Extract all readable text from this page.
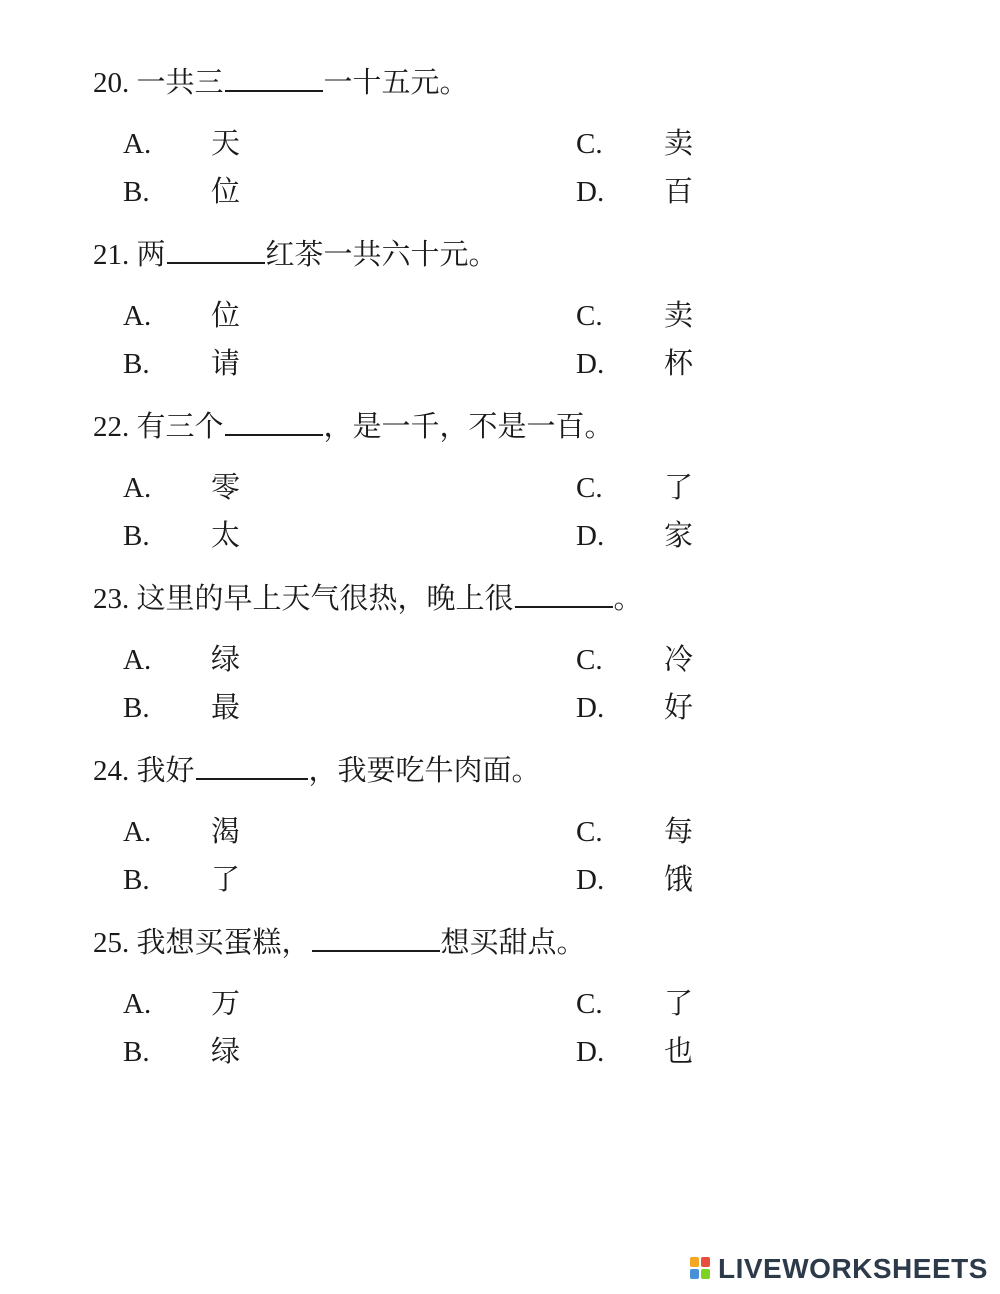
20. 一共三	一十五元。
A. 天
B. 位
C. 卖
D. 百
21. 两	红茶一共六十元。
A. 位
B. 请
C. 卖
D. 杯
22. 有三个	，是一千，不是一百。
A. 零
B. 太
C. 了
D. 家
23. 这里的早上天气很热，晚上很	。
A. 绿
B. 最
C. 冷
D. 好
24. 我好	，我要吃牛肉面。
A. 渴
B. 了
C. 每
D. 饿
25. 我想买蛋糕，	想买甜点。
A. 万
B. 绿
C. 了
D. 也
LIVEWORKSHEETS
